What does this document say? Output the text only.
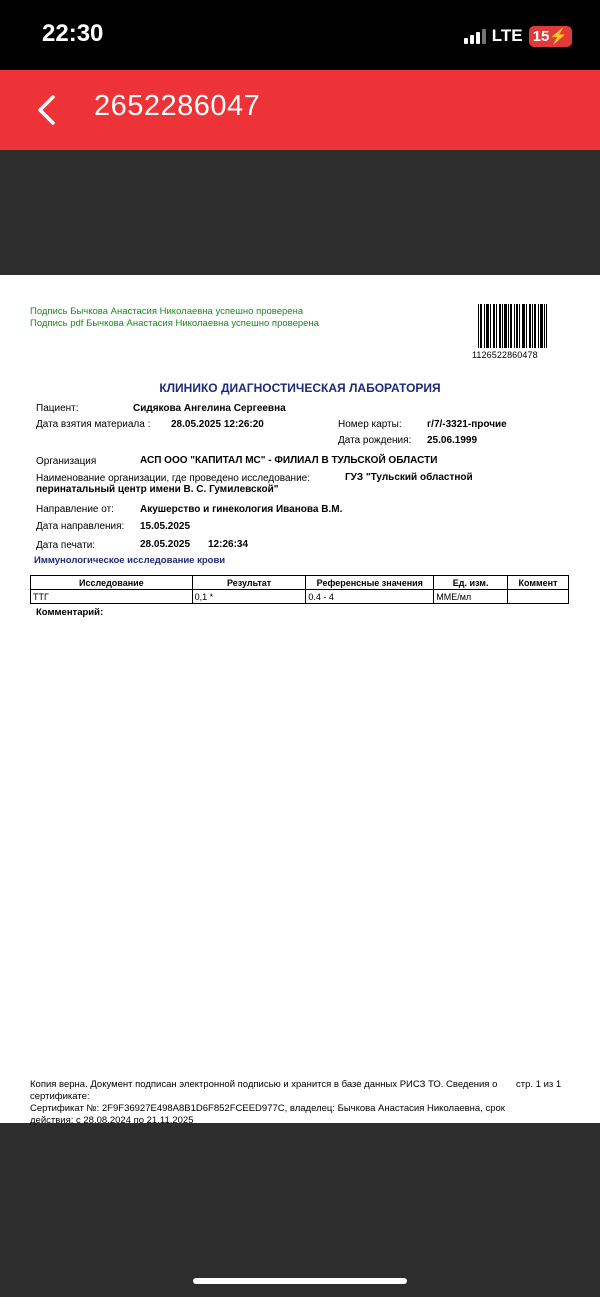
22:30	LTE 15⚡
2652286047
Подпись Бычкова Анастасия Николаевна успешно проверена
Подпись pdf Бычкова Анастасия Николаевна успешно проверена
1126522860478
КЛИНИКО ДИАГНОСТИЧЕСКАЯ ЛАБОРАТОРИЯ
Пациент:	Сидякова Ангелина Сергеевна
Дата взятия материала : 28.05.2025 12:26:20	Номер карты:	г/7/-3321-прочие
Дата рождения: 25.06.1999
Организация	АСП ООО "КАПИТАЛ МС" - ФИЛИАЛ В ТУЛЬСКОЙ ОБЛАСТИ
Наименование организации, где проведено исследование:	ГУЗ "Тульский областной
перинатальный центр имени В. С. Гумилевской"
Направление от:	Акушерство и гинекология Иванова В.М.
Дата направления: 15.05.2025
Дата печати:	28.05.2025 12:26:34
Иммунологическое исследование крови
Исследование	Результат	Референсные значения	Ед. изм.	Коммент
ТТГ	0,1 *	0.4 - 4	ММЕ/мл	
Комментарий:
Копия верна. Документ подписан электронной подписью и хранится в базе данных РИСЗ ТО. Сведения о
сертификате:
Сертификат №: 2F9F36927E498A8B1D6F852FCEED977C, владелец: Бычкова Анастасия Николаевна, срок
действия: с 28.08.2024 по 21.11.2025
стр. 1 из 1
